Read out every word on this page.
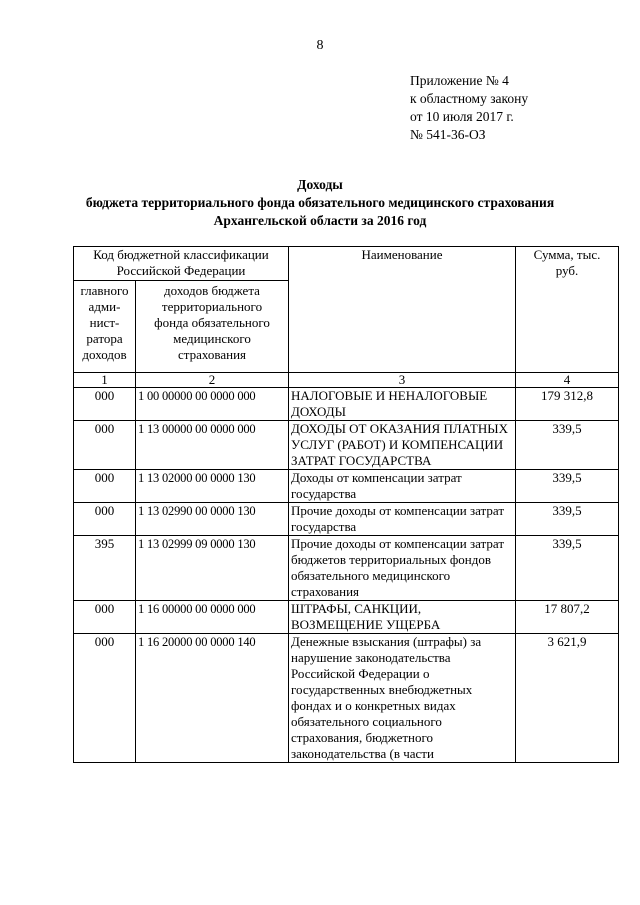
8
Приложение № 4
к областному закону
от 10 июля 2017 г.
№ 541-36-ОЗ
Доходы
бюджета территориального фонда обязательного медицинского страхования
Архангельской области за 2016 год
Код бюджетной классификации Российской Федерации		Наименование	Сумма, тыс. руб.
главного адми-нист-ратора доходов	доходов бюджета территориального фонда обязательного медицинского страхования		
1	2	3	4
000	1 00 00000 00 0000 000	НАЛОГОВЫЕ И НЕНАЛОГОВЫЕ ДОХОДЫ	179 312,8
000	1 13 00000 00 0000 000	ДОХОДЫ ОТ ОКАЗАНИЯ ПЛАТНЫХ УСЛУГ (РАБОТ) И КОМПЕНСАЦИИ ЗАТРАТ ГОСУДАРСТВА	339,5
000	1 13 02000 00 0000 130	Доходы от компенсации затрат государства	339,5
000	1 13 02990 00 0000 130	Прочие доходы от компенсации затрат государства	339,5
395	1 13 02999 09 0000 130	Прочие доходы от компенсации затрат бюджетов территориальных фондов обязательного медицинского страхования	339,5
000	1 16 00000 00 0000 000	ШТРАФЫ, САНКЦИИ, ВОЗМЕЩЕНИЕ УЩЕРБА	17 807,2
000	1 16 20000 00 0000 140	Денежные взыскания (штрафы) за нарушение законодательства Российской Федерации о государственных внебюджетных фондах и о конкретных видах обязательного социального страхования, бюджетного законодательства (в части	3 621,9
